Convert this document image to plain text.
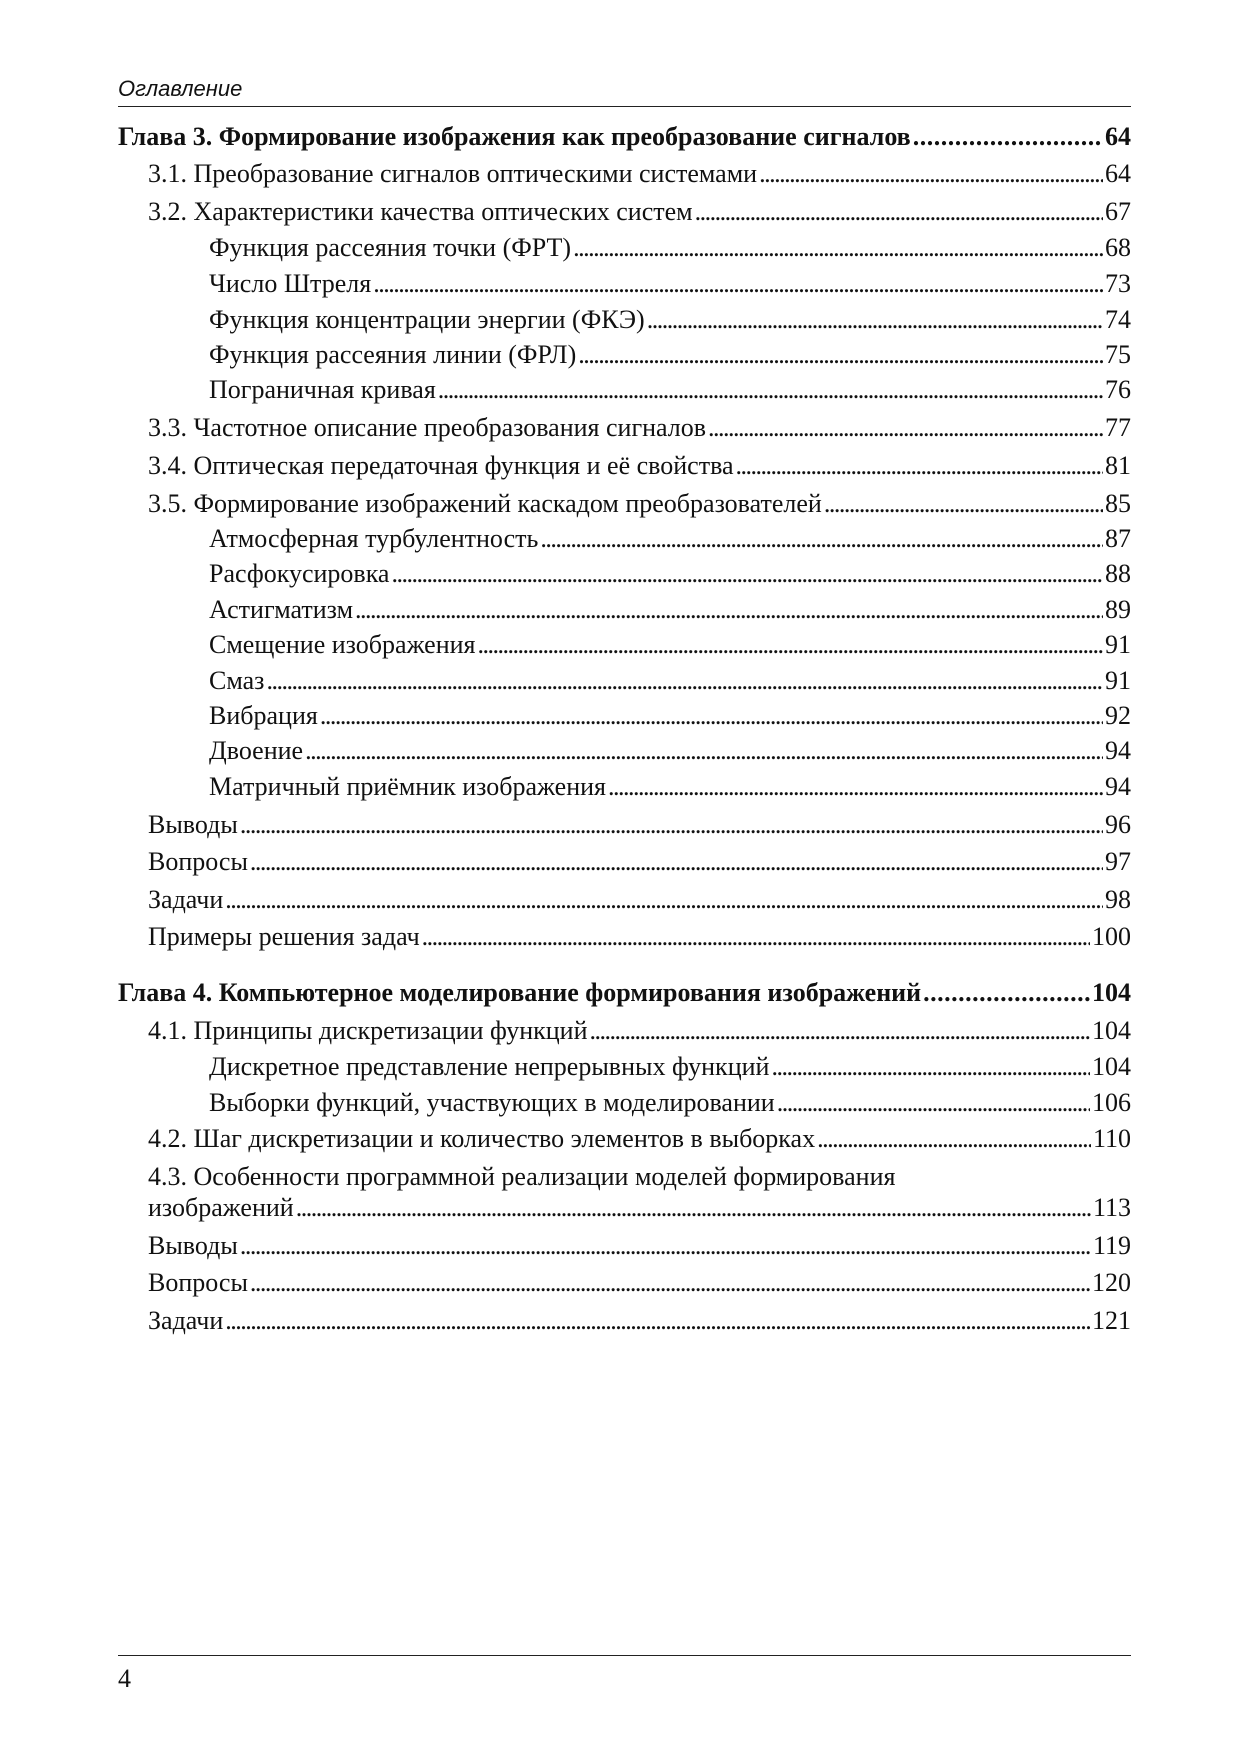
Оглавление
Глава 3. Формирование изображения как преобразование сигналов . . .	64
3.1. Преобразование сигналов оптическими системами . . .	64
3.2. Характеристики качества оптических систем . . .	67
Функция рассеяния точки (ФРТ) . . .	68
Число Штреля . . .	73
Функция концентрации энергии (ФКЭ) . . .	74
Функция рассеяния линии (ФРЛ) . . .	75
Пограничная кривая . . .	76
3.3. Частотное описание преобразования сигналов . . .	77
3.4. Оптическая передаточная функция и её свойства . . .	81
3.5. Формирование изображений каскадом преобразователей . . .	85
Атмосферная турбулентность . . .	87
Расфокусировка . . .	88
Астигматизм . . .	89
Смещение изображения . . .	91
Смаз . . .	91
Вибрация . . .	92
Двоение . . .	94
Матричный приёмник изображения . . .	94
Выводы . . .	96
Вопросы . . .	97
Задачи . . .	98
Примеры решения задач . . .	100
Глава 4. Компьютерное моделирование формирования изображений . . .	104
4.1. Принципы дискретизации функций . . .	104
Дискретное представление непрерывных функций . . .	104
Выборки функций, участвующих в моделировании . . .	106
4.2. Шаг дискретизации и количество элементов в выборках . . .	110
4.3. Особенности программной реализации моделей формирования
изображений . . .	113
Выводы . . .	119
Вопросы . . .	120
Задачи . . .	121
4
